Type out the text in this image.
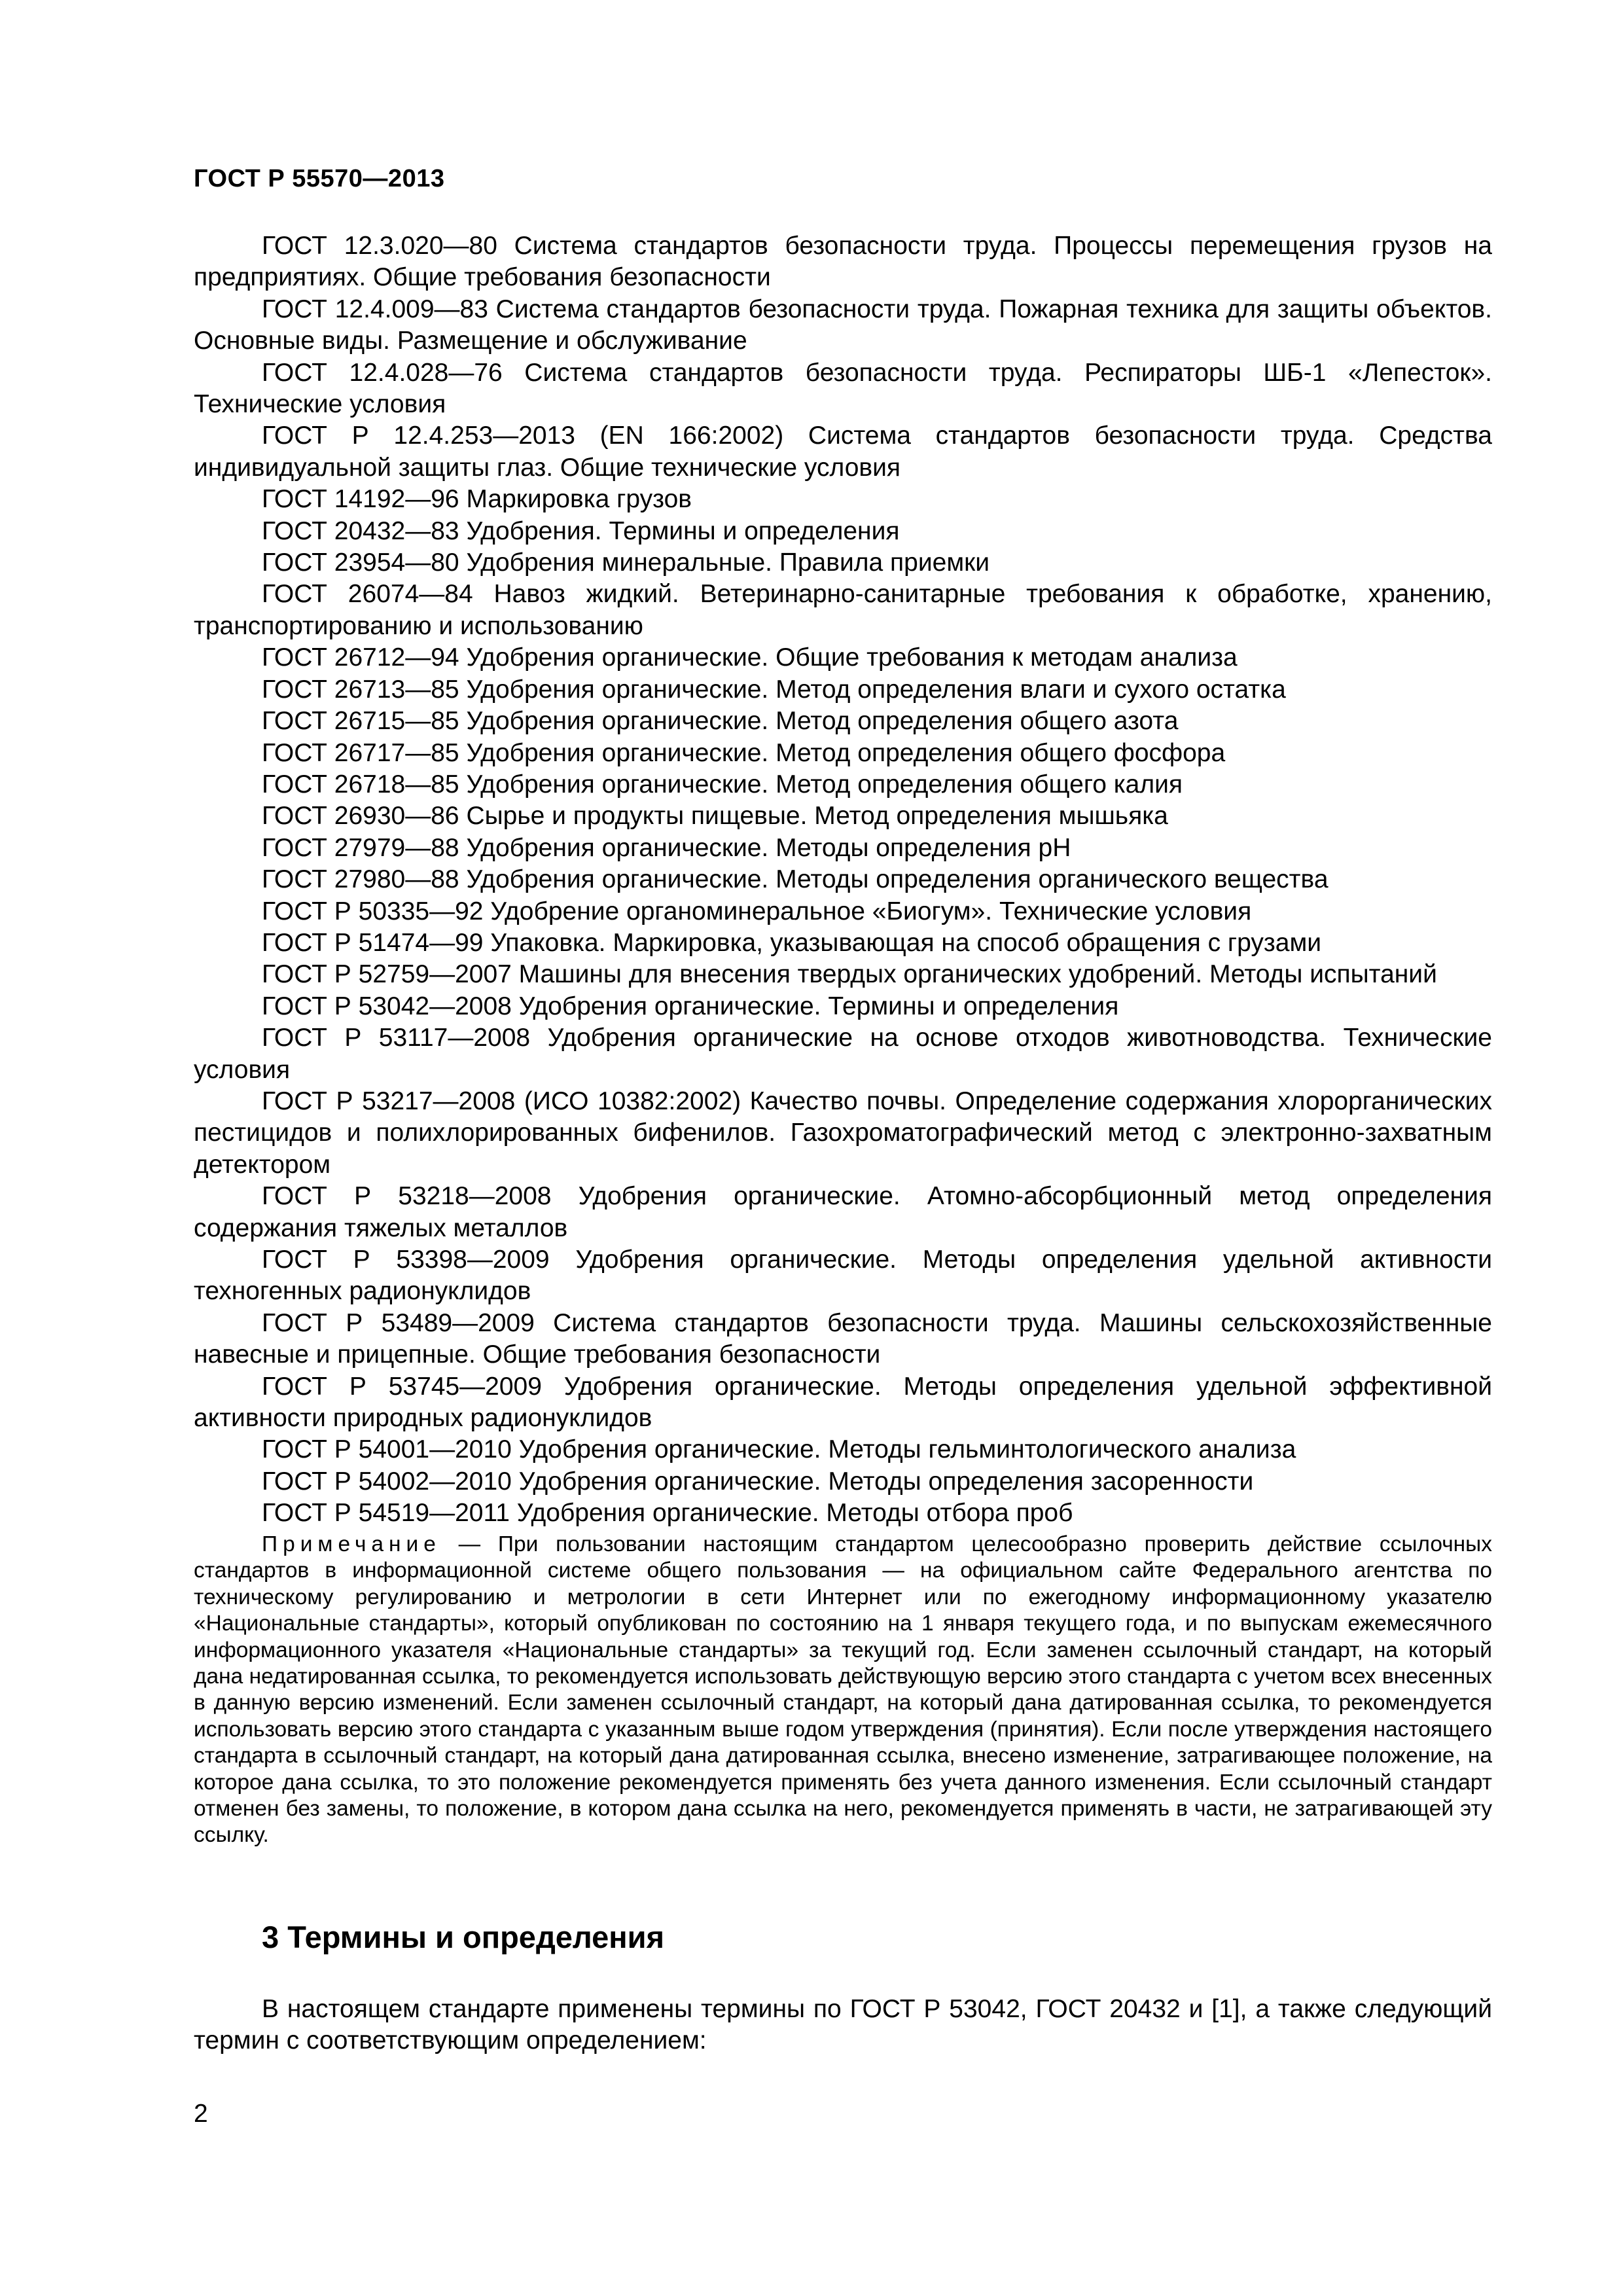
ГОСТ Р 55570—2013

ГОСТ 12.3.020—80 Система стандартов безопасности труда. Процессы перемещения грузов на предприятиях. Общие требования безопасности

ГОСТ 12.4.009—83 Система стандартов безопасности труда. Пожарная техника для защиты объектов. Основные виды. Размещение и обслуживание

ГОСТ 12.4.028—76 Система стандартов безопасности труда. Респираторы ШБ-1 «Лепесток». Технические условия

ГОСТ Р 12.4.253—2013 (EN 166:2002) Система стандартов безопасности труда. Средства индивидуальной защиты глаз. Общие технические условия

ГОСТ 14192—96 Маркировка грузов

ГОСТ 20432—83 Удобрения. Термины и определения

ГОСТ 23954—80 Удобрения минеральные. Правила приемки

ГОСТ 26074—84 Навоз жидкий. Ветеринарно-санитарные требования к обработке, хранению, транспортированию и использованию

ГОСТ 26712—94 Удобрения органические. Общие требования к методам анализа

ГОСТ 26713—85 Удобрения органические. Метод определения влаги и сухого остатка

ГОСТ 26715—85 Удобрения органические. Метод определения общего азота

ГОСТ 26717—85 Удобрения органические. Метод определения общего фосфора

ГОСТ 26718—85 Удобрения органические. Метод определения общего калия

ГОСТ 26930—86 Сырье и продукты пищевые. Метод определения мышьяка

ГОСТ 27979—88 Удобрения органические. Методы определения pH

ГОСТ 27980—88 Удобрения органические. Методы определения органического вещества

ГОСТ Р 50335—92 Удобрение органоминеральное «Биогум». Технические условия

ГОСТ Р 51474—99 Упаковка. Маркировка, указывающая на способ обращения с грузами

ГОСТ Р 52759—2007 Машины для внесения твердых органических удобрений. Методы испытаний

ГОСТ Р 53042—2008 Удобрения органические. Термины и определения

ГОСТ Р 53117—2008 Удобрения органические на основе отходов животноводства. Технические условия

ГОСТ Р 53217—2008 (ИСО 10382:2002) Качество почвы. Определение содержания хлорорганических пестицидов и полихлорированных бифенилов. Газохроматографический метод с электронно-захватным детектором

ГОСТ Р 53218—2008 Удобрения органические. Атомно-абсорбционный метод определения содержания тяжелых металлов

ГОСТ Р 53398—2009 Удобрения органические. Методы определения удельной активности техногенных радионуклидов

ГОСТ Р 53489—2009 Система стандартов безопасности труда. Машины сельскохозяйственные навесные и прицепные. Общие требования безопасности

ГОСТ Р 53745—2009 Удобрения органические. Методы определения удельной эффективной активности природных радионуклидов

ГОСТ Р 54001—2010 Удобрения органические. Методы гельминтологического анализа

ГОСТ Р 54002—2010 Удобрения органические. Методы определения засоренности

ГОСТ Р 54519—2011 Удобрения органические. Методы отбора проб

Примечание — При пользовании настоящим стандартом целесообразно проверить действие ссылочных стандартов в информационной системе общего пользования — на официальном сайте Федерального агентства по техническому регулированию и метрологии в сети Интернет или по ежегодному информационному указателю «Национальные стандарты», который опубликован по состоянию на 1 января текущего года, и по выпускам ежемесячного информационного указателя «Национальные стандарты» за текущий год. Если заменен ссылочный стандарт, на который дана недатированная ссылка, то рекомендуется использовать действующую версию этого стандарта с учетом всех внесенных в данную версию изменений. Если заменен ссылочный стандарт, на который дана датированная ссылка, то рекомендуется использовать версию этого стандарта с указанным выше годом утверждения (принятия). Если после утверждения настоящего стандарта в ссылочный стандарт, на который дана датированная ссылка, внесено изменение, затрагивающее положение, на которое дана ссылка, то это положение рекомендуется применять без учета данного изменения. Если ссылочный стандарт отменен без замены, то положение, в котором дана ссылка на него, рекомендуется применять в части, не затрагивающей эту ссылку.

3 Термины и определения

В настоящем стандарте применены термины по ГОСТ Р 53042, ГОСТ 20432 и [1], а также следующий термин с соответствующим определением:

2
